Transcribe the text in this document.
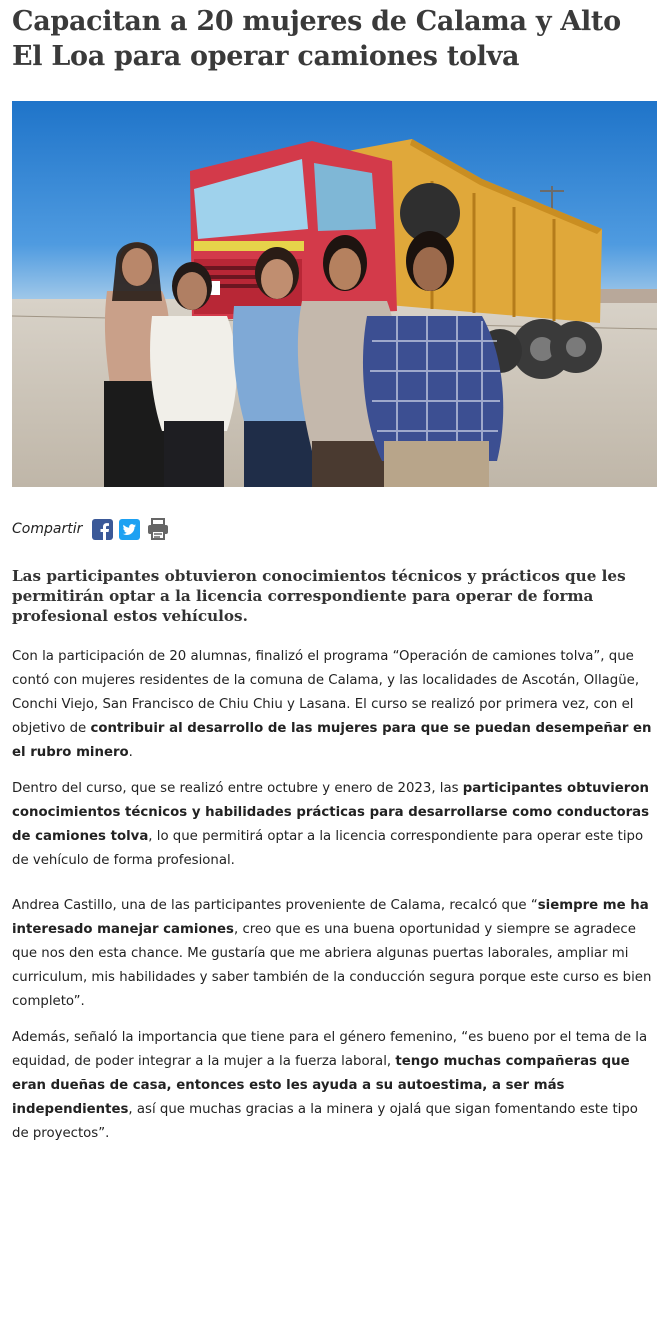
Capacitan a 20 mujeres de Calama y Alto El Loa para operar camiones tolva
Compartir

Las participantes obtuvieron conocimientos técnicos y prácticos que les permitirán optar a la licencia correspondiente para operar de forma profesional estos vehículos.

Con la participación de 20 alumnas, finalizó el programa “Operación de camiones tolva”, que contó con mujeres residentes de la comuna de Calama, y las localidades de Ascotán, Ollagüe, Conchi Viejo, San Francisco de Chiu Chiu y Lasana. El curso se realizó por primera vez, con el objetivo de contribuir al desarrollo de las mujeres para que se puedan desempeñar en el rubro minero.

Dentro del curso, que se realizó entre octubre y enero de 2023, las participantes obtuvieron conocimientos técnicos y habilidades prácticas para desarrollarse como conductoras de camiones tolva, lo que permitirá optar a la licencia correspondiente para operar este tipo de vehículo de forma profesional.

Andrea Castillo, una de las participantes proveniente de Calama, recalcó que “siempre me ha interesado manejar camiones, creo que es una buena oportunidad y siempre se agradece que nos den esta chance. Me gustaría que me abriera algunas puertas laborales, ampliar mi curriculum, mis habilidades y saber también de la conducción segura porque este curso es bien completo”.

Además, señaló la importancia que tiene para el género femenino, “es bueno por el tema de la equidad, de poder integrar a la mujer a la fuerza laboral, tengo muchas compañeras que eran dueñas de casa, entonces esto les ayuda a su autoestima, a ser más independientes, así que muchas gracias a la minera y ojalá que sigan fomentando este tipo de proyectos”.
